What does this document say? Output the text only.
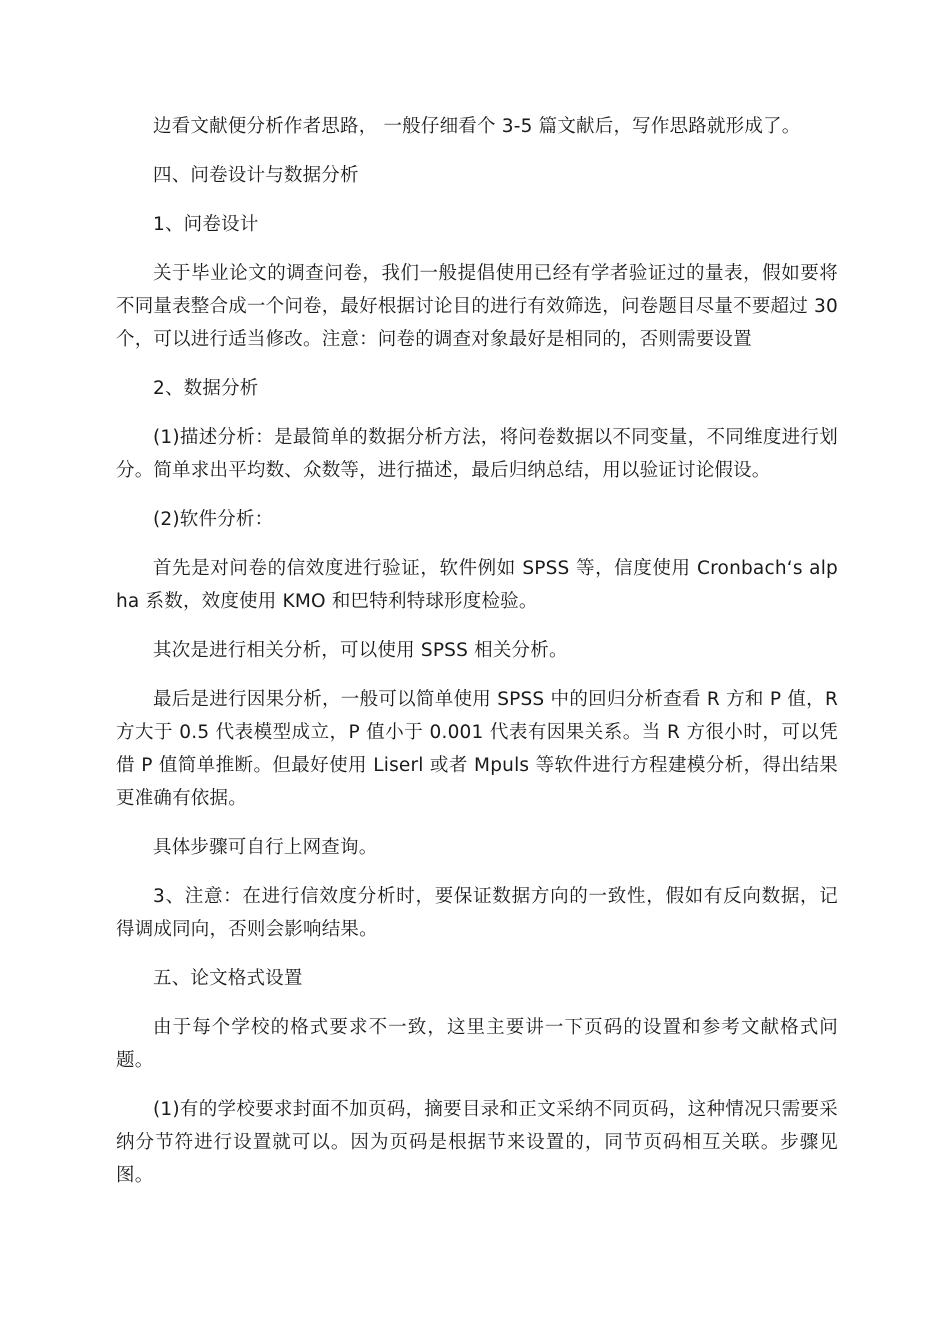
边看文献便分析作者思路， 一般仔细看个 3-5 篇文献后，写作思路就形成了。

四、问卷设计与数据分析

1、问卷设计

关于毕业论文的调查问卷，我们一般提倡使用已经有学者验证过的量表，假如要将不同量表整合成一个问卷，最好根据讨论目的进行有效筛选，问卷题目尽量不要超过 30 个，可以进行适当修改。注意：问卷的调查对象最好是相同的，否则需要设置

2、数据分析

(1)描述分析：是最简单的数据分析方法，将问卷数据以不同变量，不同维度进行划分。简单求出平均数、众数等，进行描述，最后归纳总结，用以验证讨论假设。

(2)软件分析：

首先是对问卷的信效度进行验证，软件例如 SPSS 等，信度使用 Cronbach‘s alpha 系数，效度使用 KMO 和巴特利特球形度检验。

其次是进行相关分析，可以使用 SPSS 相关分析。

最后是进行因果分析，一般可以简单使用 SPSS 中的回归分析查看 R 方和 P 值，R 方大于 0.5 代表模型成立，P 值小于 0.001 代表有因果关系。当 R 方很小时，可以凭借 P 值简单推断。但最好使用 Liserl 或者 Mpuls 等软件进行方程建模分析，得出结果更准确有依据。

具体步骤可自行上网查询。

3、注意：在进行信效度分析时，要保证数据方向的一致性，假如有反向数据，记得调成同向，否则会影响结果。

五、论文格式设置

由于每个学校的格式要求不一致，这里主要讲一下页码的设置和参考文献格式问题。

(1)有的学校要求封面不加页码，摘要目录和正文采纳不同页码，这种情况只需要采纳分节符进行设置就可以。因为页码是根据节来设置的，同节页码相互关联。步骤见图。
